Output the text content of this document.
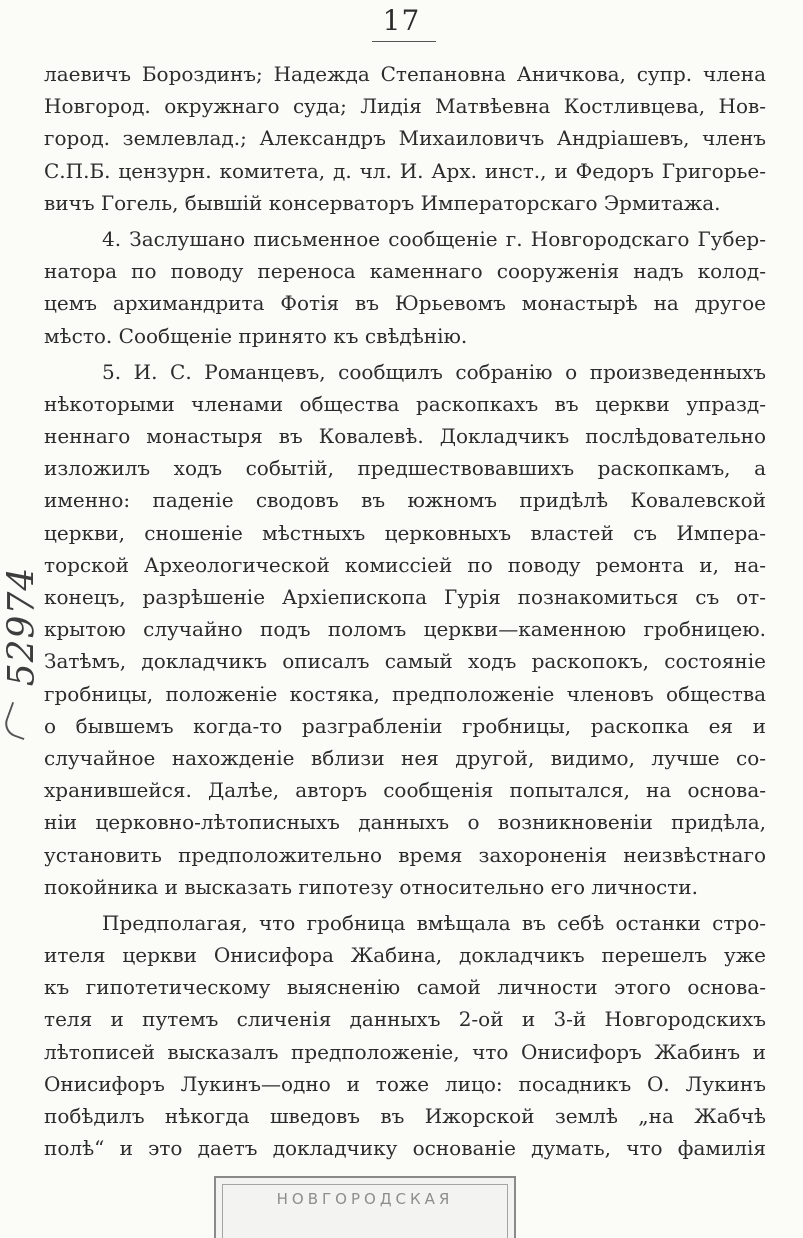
17
лаевичъ Бороздинъ; Надежда Степановна Аничкова, супр. члена
Новгород. окружнаго суда; Лидія Матвѣевна Костливцева, Нов-
город. землевлад.; Александръ Михаиловичъ Андріашевъ, членъ
С.П.Б. цензурн. комитета, д. чл. И. Арх. инст., и Федоръ Григорье-
вичъ Гогель, бывшій консерваторъ Императорскаго Эрмитажа.
4. Заслушано письменное сообщеніе г. Новгородскаго Губер-
натора по поводу переноса каменнаго сооруженія надъ колод-
цемъ архимандрита Фотія въ Юрьевомъ монастырѣ на другое
мѣсто. Сообщеніе принято къ свѣдѣнію.
5. И. С. Романцевъ, сообщилъ собранію о произведенныхъ
нѣкоторыми членами общества раскопкахъ въ церкви упразд-
неннаго монастыря въ Ковалевѣ. Докладчикъ послѣдовательно
изложилъ ходъ событій, предшествовавшихъ раскопкамъ, а
именно: паденіе сводовъ въ южномъ придѣлѣ Ковалевской
церкви, сношеніе мѣстныхъ церковныхъ властей съ Импера-
торской Археологической комиссіей по поводу ремонта и, на-
конецъ, разрѣшеніе Архіепископа Гурія познакомиться съ от-
крытою случайно подъ поломъ церкви—каменною гробницею.
Затѣмъ, докладчикъ описалъ самый ходъ раскопокъ, состояніе
гробницы, положеніе костяка, предположеніе членовъ общества
о бывшемъ когда-то разграбленіи гробницы, раскопка ея и
случайное нахожденіе вблизи нея другой, видимо, лучше со-
хранившейся. Далѣе, авторъ сообщенія попытался, на основа-
ніи церковно-лѣтописныхъ данныхъ о возникновеніи придѣла,
установить предположительно время захороненія неизвѣстнаго
покойника и высказать гипотезу относительно его личности.
Предполагая, что гробница вмѣщала въ себѣ останки стро-
ителя церкви Онисифора Жабина, докладчикъ перешелъ уже
къ гипотетическому выясненію самой личности этого основа-
теля и путемъ сличенія данныхъ 2-ой и 3-й Новгородскихъ
лѣтописей высказалъ предположеніе, что Онисифоръ Жабинъ и
Онисифоръ Лукинъ—одно и тоже лицо: посадникъ О. Лукинъ
побѣдилъ нѣкогда шведовъ въ Ижорской землѣ „на Жабчѣ
полѣ“ и это даетъ докладчику основаніе думать, что фамилія
52974
НОВГОРОДСКАЯ
